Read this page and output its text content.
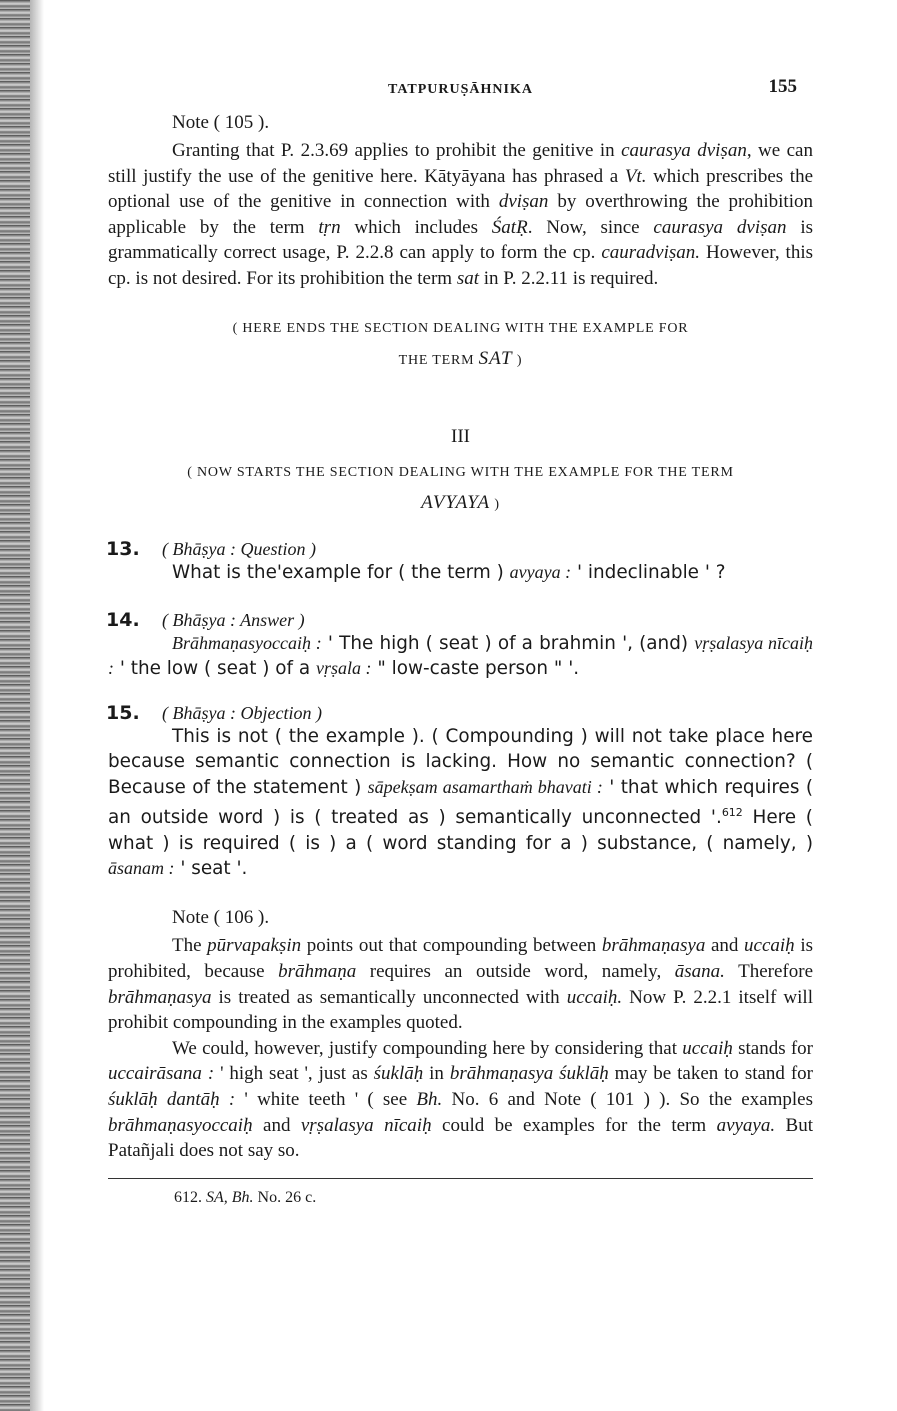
TATPURUṢĀHNIKA	155
Note ( 105 ).

Granting that P. 2.3.69 applies to prohibit the genitive in caurasya dviṣan, we can still justify the use of the genitive here. Kātyāyana has phrased a Vt. which prescribes the optional use of the genitive in connection with dviṣan by overthrowing the prohibition applicable by the term tṛn which includes ŚatṚ. Now, since caurasya dviṣan is grammatically correct usage, P. 2.2.8 can apply to form the cp. cauradviṣan. However, this cp. is not desired. For its prohibition the term sat in P. 2.2.11 is required.

( HERE ENDS THE SECTION DEALING WITH THE EXAMPLE FOR

THE TERM SAT )

III

( NOW STARTS THE SECTION DEALING WITH THE EXAMPLE FOR THE TERM

AVYAYA )

13.	( Bhāṣya : Question )

What is the'example for ( the term ) avyaya : ' indeclinable ' ?

14.	( Bhāṣya : Answer )

Brāhmaṇasyoccaiḥ : ' The high ( seat ) of a brahmin ', (and) vṛṣalasya nīcaiḥ : ' the low ( seat ) of a vṛṣala : " low-caste person " '.

15.	( Bhāṣya : Objection )

This is not ( the example ). ( Compounding ) will not take place here because semantic connection is lacking. How no semantic connection? ( Because of the statement ) sāpekṣam asamarthaṁ bhavati : ' that which requires ( an outside word ) is ( treated as ) semantically unconnected '.$^{612}$ Here ( what ) is required ( is ) a ( word standing for a ) substance, ( namely, ) āsanam : ' seat '.

Note ( 106 ).

The pūrvapakṣin points out that compounding between brāhmaṇasya and uccaiḥ is prohibited, because brāhmaṇa requires an outside word, namely, āsana. Therefore brāhmaṇasya is treated as semantically unconnected with uccaiḥ. Now P. 2.2.1 itself will prohibit compounding in the examples quoted.

We could, however, justify compounding here by considering that uccaiḥ stands for uccairāsana : ' high seat ', just as śuklāḥ in brāhmaṇasya śuklāḥ may be taken to stand for śuklāḥ dantāḥ : ' white teeth ' ( see Bh. No. 6 and Note ( 101 ) ). So the examples brāhmaṇasyoccaiḥ and vṛṣalasya nīcaiḥ could be examples for the term avyaya. But Patañjali does not say so.

612. SA, Bh. No. 26 c.
